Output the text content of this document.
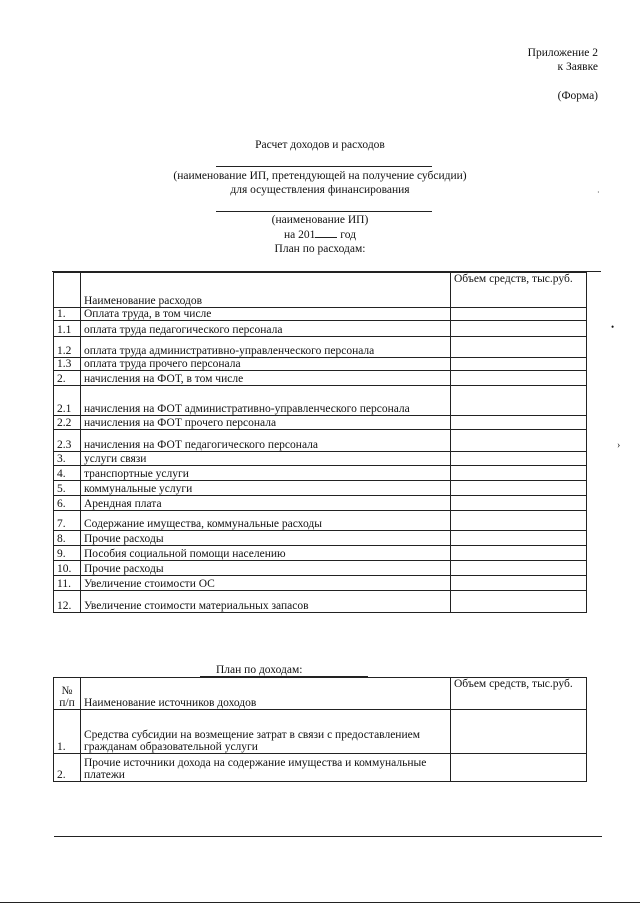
Приложение 2
к Заявке
(Форма)
Расчет доходов и расходов
(наименование ИП, претендующей на получение субсидии)
для осуществления финансирования	·
(наименование ИП)
на 201 год
План по расходам:
	Наименование расходов	Объем средств, тыс.руб.
1.	Оплата труда, в том числе	
1.1	оплата труда педагогического персонала	
1.2	оплата труда административно-управленческого персонала	
1.3	оплата труда прочего персонала	
2.	начисления на ФОТ, в том числе	
2.1	начисления на ФОТ административно-управленческого персонала	
2.2	начисления на ФОТ прочего персонала	
2.3	начисления на ФОТ педагогического персонала	
3.	услуги связи	
4.	транспортные услуги	
5.	коммунальные услуги	
6.	Арендная плата	
7.	Содержание имущества, коммунальные расходы	
8.	Прочие расходы	
9.	Пособия социальной помощи населению	
10.	Прочие расходы	
11.	Увеличение стоимости ОС	
12.	Увеличение стоимости материальных запасов	
•
›
План по доходам:
№ п/п	Наименование источников доходов	Объем средств, тыс.руб.
1.	Средства субсидии на возмещение затрат в связи с предоставлением гражданам образовательной услуги	
2.	Прочие источники дохода на содержание имущества и коммунальные платежи	
